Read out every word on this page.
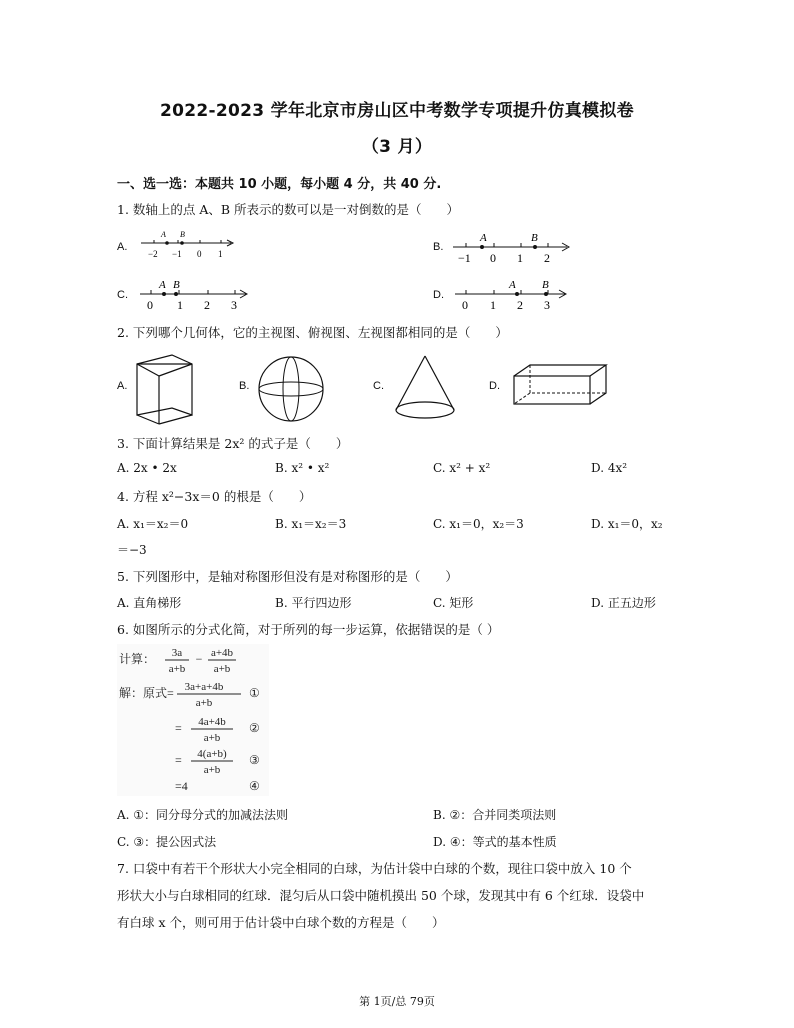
2022-2023 学年北京市房山区中考数学专项提升仿真模拟卷
（3 月）
一、选一选：本题共 10 小题，每小题 4 分，共 40 分.
1. 数轴上的点 A、B 所表示的数可以是一对倒数的是（　　）
A.
A B
−2 −1 0 1
B.
A	B
−1 0 1 2
C.
A B
0 1 2 3
D.
A B
0 1 2 3
2. 下列哪个几何体，它的主视图、俯视图、左视图都相同的是（　　）
A.	B.	C.	D.
3. 下面计算结果是 2x² 的式子是（　　）
A. 2x • 2x	B. x² • x²	C. x² + x²	D. 4x²
4. 方程 x²−3x＝0 的根是（　　）
A. x₁＝x₂＝0	B. x₁＝x₂＝3	C. x₁＝0，x₂＝3	D. x₁＝0，x₂
＝−3
5. 下列图形中，是轴对称图形但没有是对称图形的是（　　）
A. 直角梯形	B. 平行四边形	C. 矩形	D. 正五边形
6. 如图所示的分式化简，对于所列的每一步运算，依据错误的是（ ）
计算： 3a
a+b
− a+4b
a+b
解：原式= 3a+a+4b
a+b
①
= 4a+4b
a+b
②
= 4(a+b)
a+b
③
=4	④
A. ①：同分母分式的加减法法则	B. ②：合并同类项法则
C. ③：提公因式法	D. ④：等式的基本性质
7. 口袋中有若干个形状大小完全相同的白球，为估计袋中白球的个数，现往口袋中放入 10 个
形状大小与白球相同的红球．混匀后从口袋中随机摸出 50 个球，发现其中有 6 个红球．设袋中
有白球 x 个，则可用于估计袋中白球个数的方程是（　　）
第 1页/总 79页
